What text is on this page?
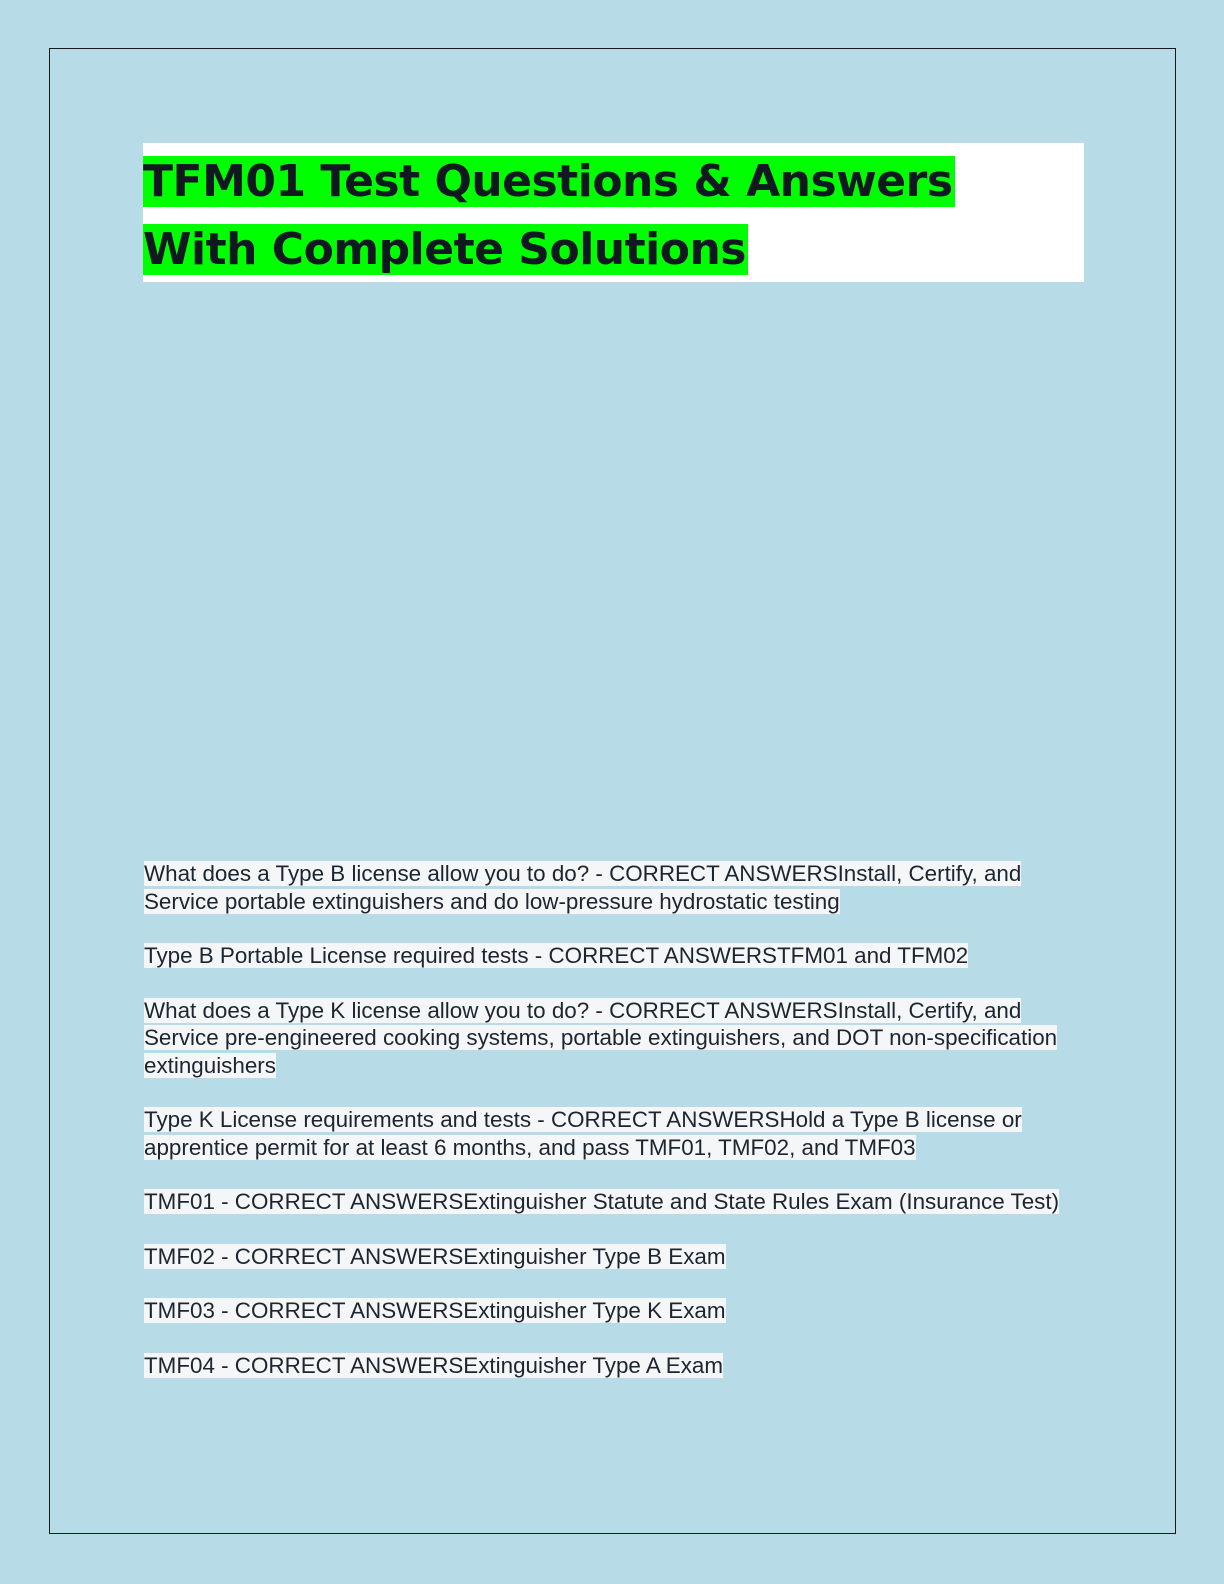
TFM01 Test Questions & Answers
With Complete Solutions
What does a Type B license allow you to do? - CORRECT ANSWERSInstall, Certify, and Service portable extinguishers and do low-pressure hydrostatic testing
Type B Portable License required tests - CORRECT ANSWERSTFM01 and TFM02
What does a Type K license allow you to do? - CORRECT ANSWERSInstall, Certify, and Service pre-engineered cooking systems, portable extinguishers, and DOT non-specification extinguishers
Type K License requirements and tests - CORRECT ANSWERSHold a Type B license or apprentice permit for at least 6 months, and pass TMF01, TMF02, and TMF03
TMF01 - CORRECT ANSWERSExtinguisher Statute and State Rules Exam (Insurance Test)
TMF02 - CORRECT ANSWERSExtinguisher Type B Exam
TMF03 - CORRECT ANSWERSExtinguisher Type K Exam
TMF04 - CORRECT ANSWERSExtinguisher Type A Exam
